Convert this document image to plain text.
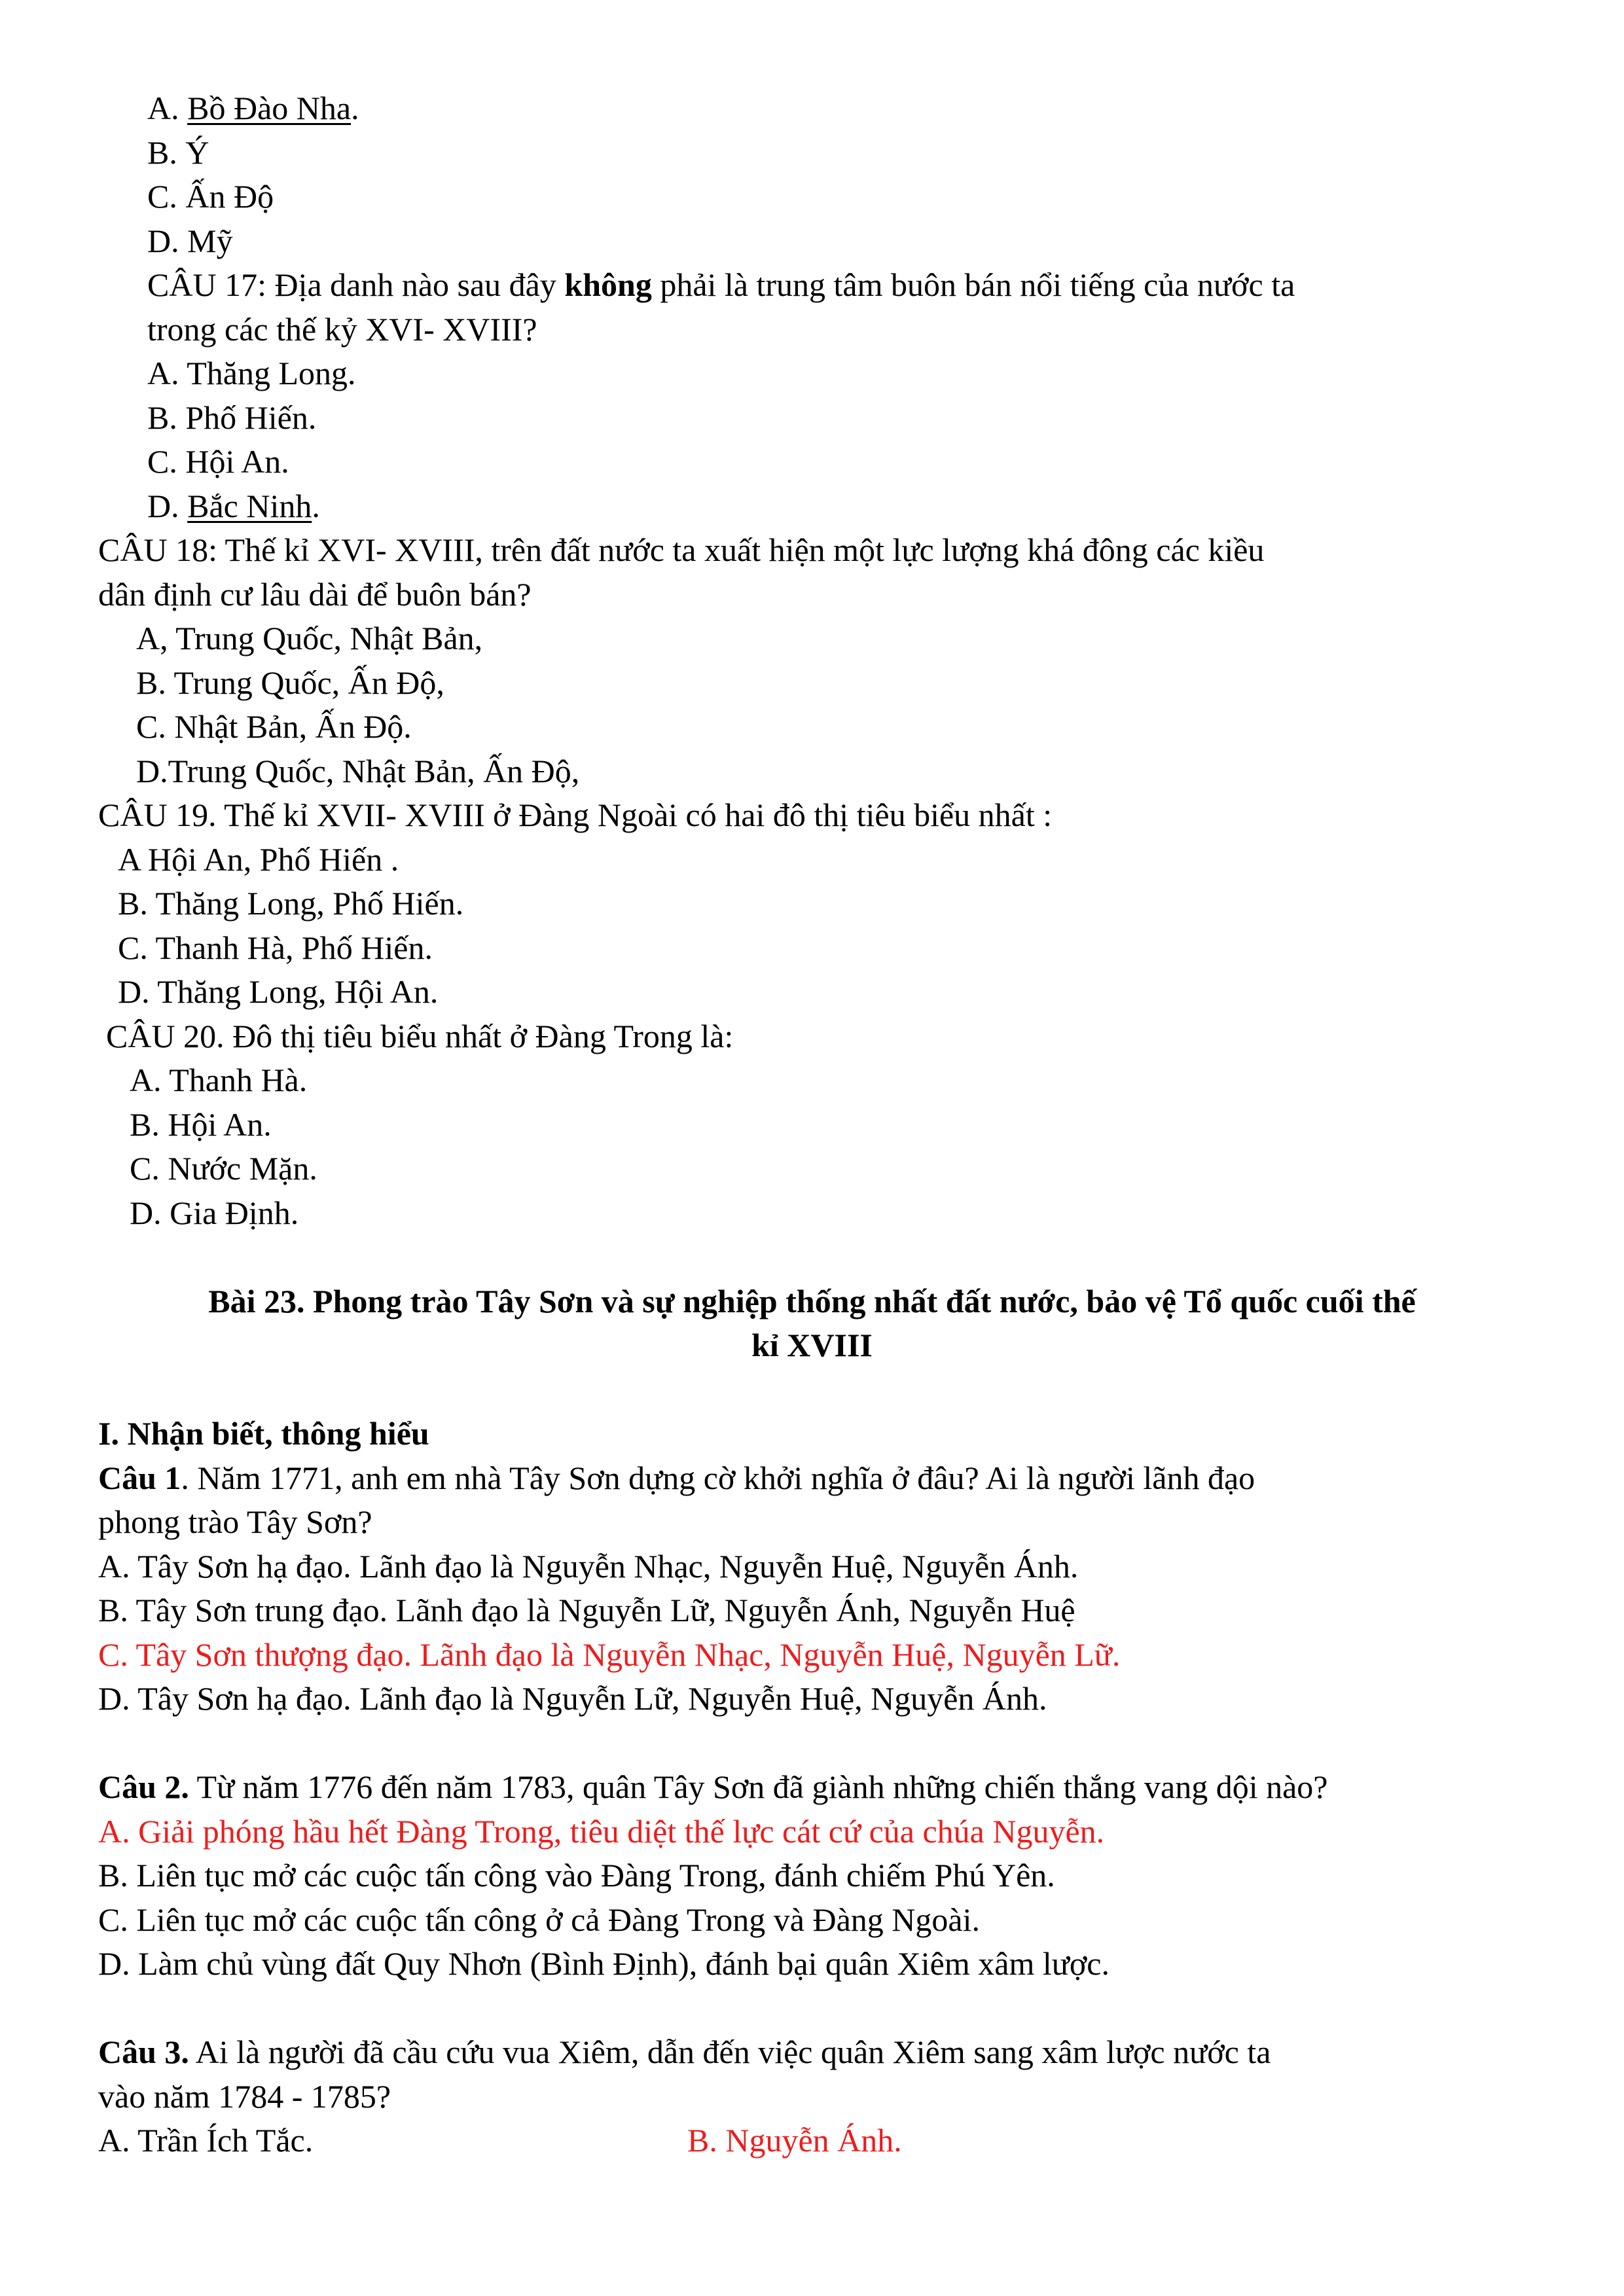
A. Bồ Đào Nha.
B. Ý
C. Ấn Độ
D. Mỹ
CÂU 17: Địa danh nào sau đây không phải là trung tâm buôn bán nổi tiếng của nước ta
trong các thế kỷ XVI- XVIII?
A. Thăng Long.
B. Phố Hiến.
C. Hội An.
D. Bắc Ninh.
CÂU 18: Thế kỉ XVI- XVIII, trên đất nước ta xuất hiện một lực lượng khá đông các kiều
dân định cư lâu dài để buôn bán?
A, Trung Quốc, Nhật Bản,
B. Trung Quốc, Ấn Độ,
C. Nhật Bản, Ấn Độ.
D.Trung Quốc, Nhật Bản, Ấn Độ,
CÂU 19. Thế kỉ XVII- XVIII ở Đàng Ngoài có hai đô thị tiêu biểu nhất :
A Hội An, Phố Hiến .
B. Thăng Long, Phố Hiến.
C. Thanh Hà, Phố Hiến.
D. Thăng Long, Hội An.
CÂU 20. Đô thị tiêu biểu nhất ở Đàng Trong là:
A. Thanh Hà.
B. Hội An.
C. Nước Mặn.
D. Gia Định.
Bài 23. Phong trào Tây Sơn và sự nghiệp thống nhất đất nước, bảo vệ Tổ quốc cuối thế
kỉ XVIII
I. Nhận biết, thông hiểu
Câu 1. Năm 1771, anh em nhà Tây Sơn dựng cờ khởi nghĩa ở đâu? Ai là người lãnh đạo
phong trào Tây Sơn?
A. Tây Sơn hạ đạo. Lãnh đạo là Nguyễn Nhạc, Nguyễn Huệ, Nguyễn Ánh.
B. Tây Sơn trung đạo. Lãnh đạo là Nguyễn Lữ, Nguyễn Ánh, Nguyễn Huệ
C. Tây Sơn thượng đạo. Lãnh đạo là Nguyễn Nhạc, Nguyễn Huệ, Nguyễn Lữ.
D. Tây Sơn hạ đạo. Lãnh đạo là Nguyễn Lữ, Nguyễn Huệ, Nguyễn Ánh.
Câu 2. Từ năm 1776 đến năm 1783, quân Tây Sơn đã giành những chiến thắng vang dội nào?
A. Giải phóng hầu hết Đàng Trong, tiêu diệt thế lực cát cứ của chúa Nguyễn.
B. Liên tục mở các cuộc tấn công vào Đàng Trong, đánh chiếm Phú Yên.
C. Liên tục mở các cuộc tấn công ở cả Đàng Trong và Đàng Ngoài.
D. Làm chủ vùng đất Quy Nhơn (Bình Định), đánh bại quân Xiêm xâm lược.
Câu 3. Ai là người đã cầu cứu vua Xiêm, dẫn đến việc quân Xiêm sang xâm lược nước ta
vào năm 1784 - 1785?
A. Trần Ích Tắc.	B. Nguyễn Ánh.
